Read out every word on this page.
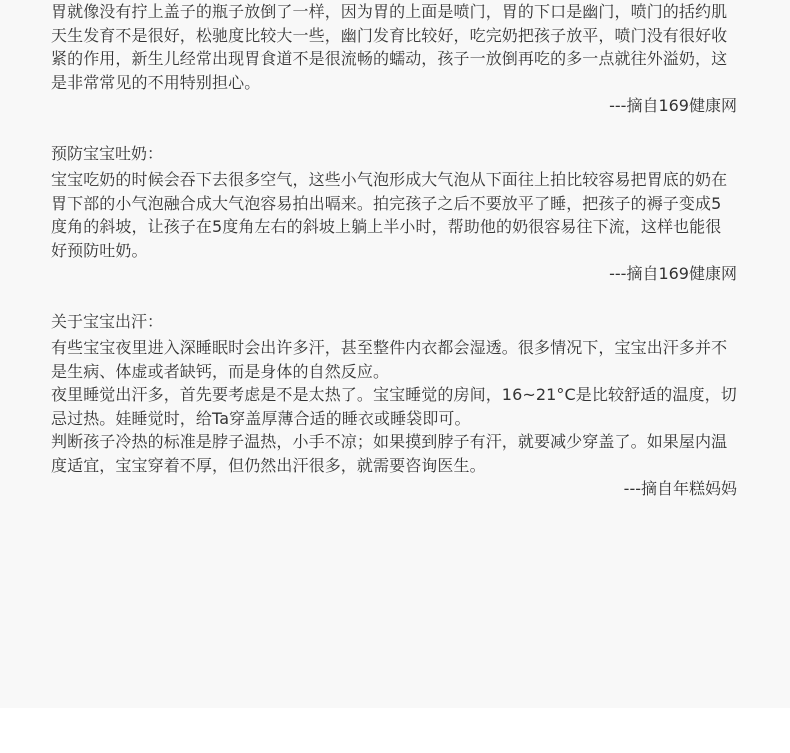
胃就像没有拧上盖子的瓶子放倒了一样，因为胃的上面是喷门，胃的下口是幽门，喷门的括约肌天生发育不是很好，松驰度比较大一些，幽门发育比较好，吃完奶把孩子放平，喷门没有很好收紧的作用，新生儿经常出现胃食道不是很流畅的蠕动，孩子一放倒再吃的多一点就往外溢奶，这是非常常见的不用特别担心。

---摘自169健康网

预防宝宝吐奶：

宝宝吃奶的时候会吞下去很多空气，这些小气泡形成大气泡从下面往上拍比较容易把胃底的奶在胃下部的小气泡融合成大气泡容易拍出嗝来。拍完孩子之后不要放平了睡，把孩子的褥子变成5度角的斜坡，让孩子在5度角左右的斜坡上躺上半小时，帮助他的奶很容易往下流，这样也能很好预防吐奶。

---摘自169健康网

关于宝宝出汗：

有些宝宝夜里进入深睡眠时会出许多汗，甚至整件内衣都会湿透。很多情况下，宝宝出汗多并不是生病、体虚或者缺钙，而是身体的自然反应。

夜里睡觉出汗多，首先要考虑是不是太热了。宝宝睡觉的房间，16~21°C是比较舒适的温度，切忌过热。娃睡觉时，给Ta穿盖厚薄合适的睡衣或睡袋即可。

判断孩子冷热的标准是脖子温热，小手不凉；如果摸到脖子有汗，就要减少穿盖了。如果屋内温度适宜，宝宝穿着不厚，但仍然出汗很多，就需要咨询医生。

---摘自年糕妈妈
